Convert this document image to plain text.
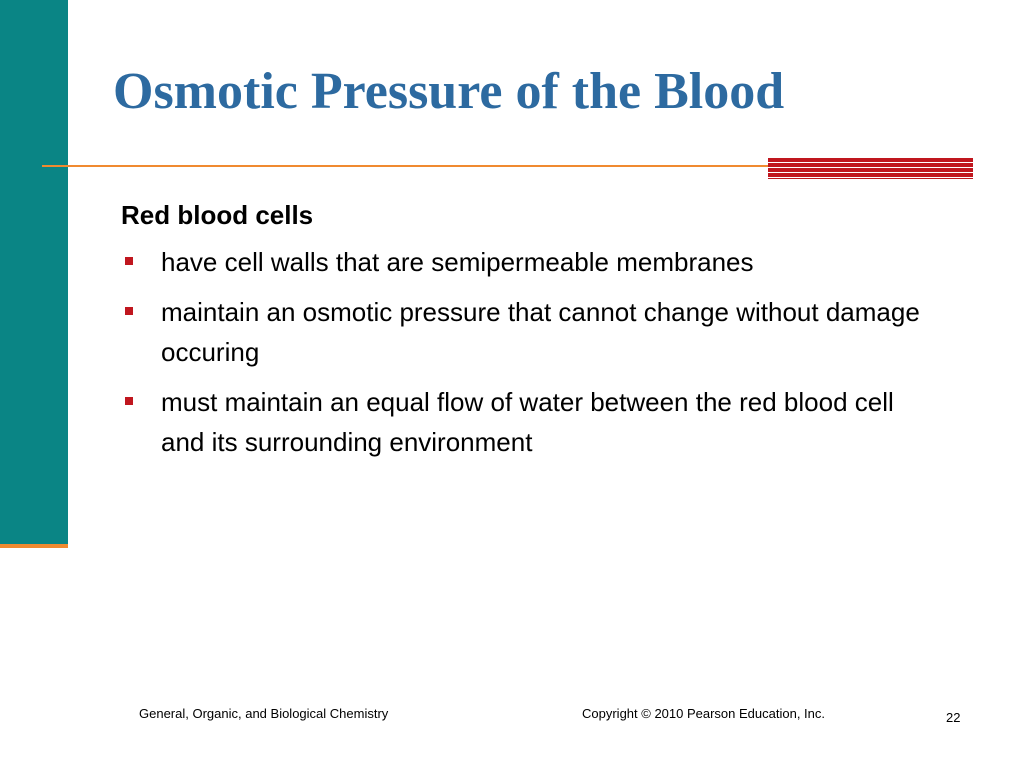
Osmotic Pressure of the Blood
Red blood cells
have cell walls that are semipermeable membranes
maintain an osmotic pressure that cannot change without damage occuring
must maintain an equal flow of water between the red blood cell and its surrounding environment
General, Organic, and Biological Chemistry	Copyright © 2010 Pearson Education, Inc.	22
